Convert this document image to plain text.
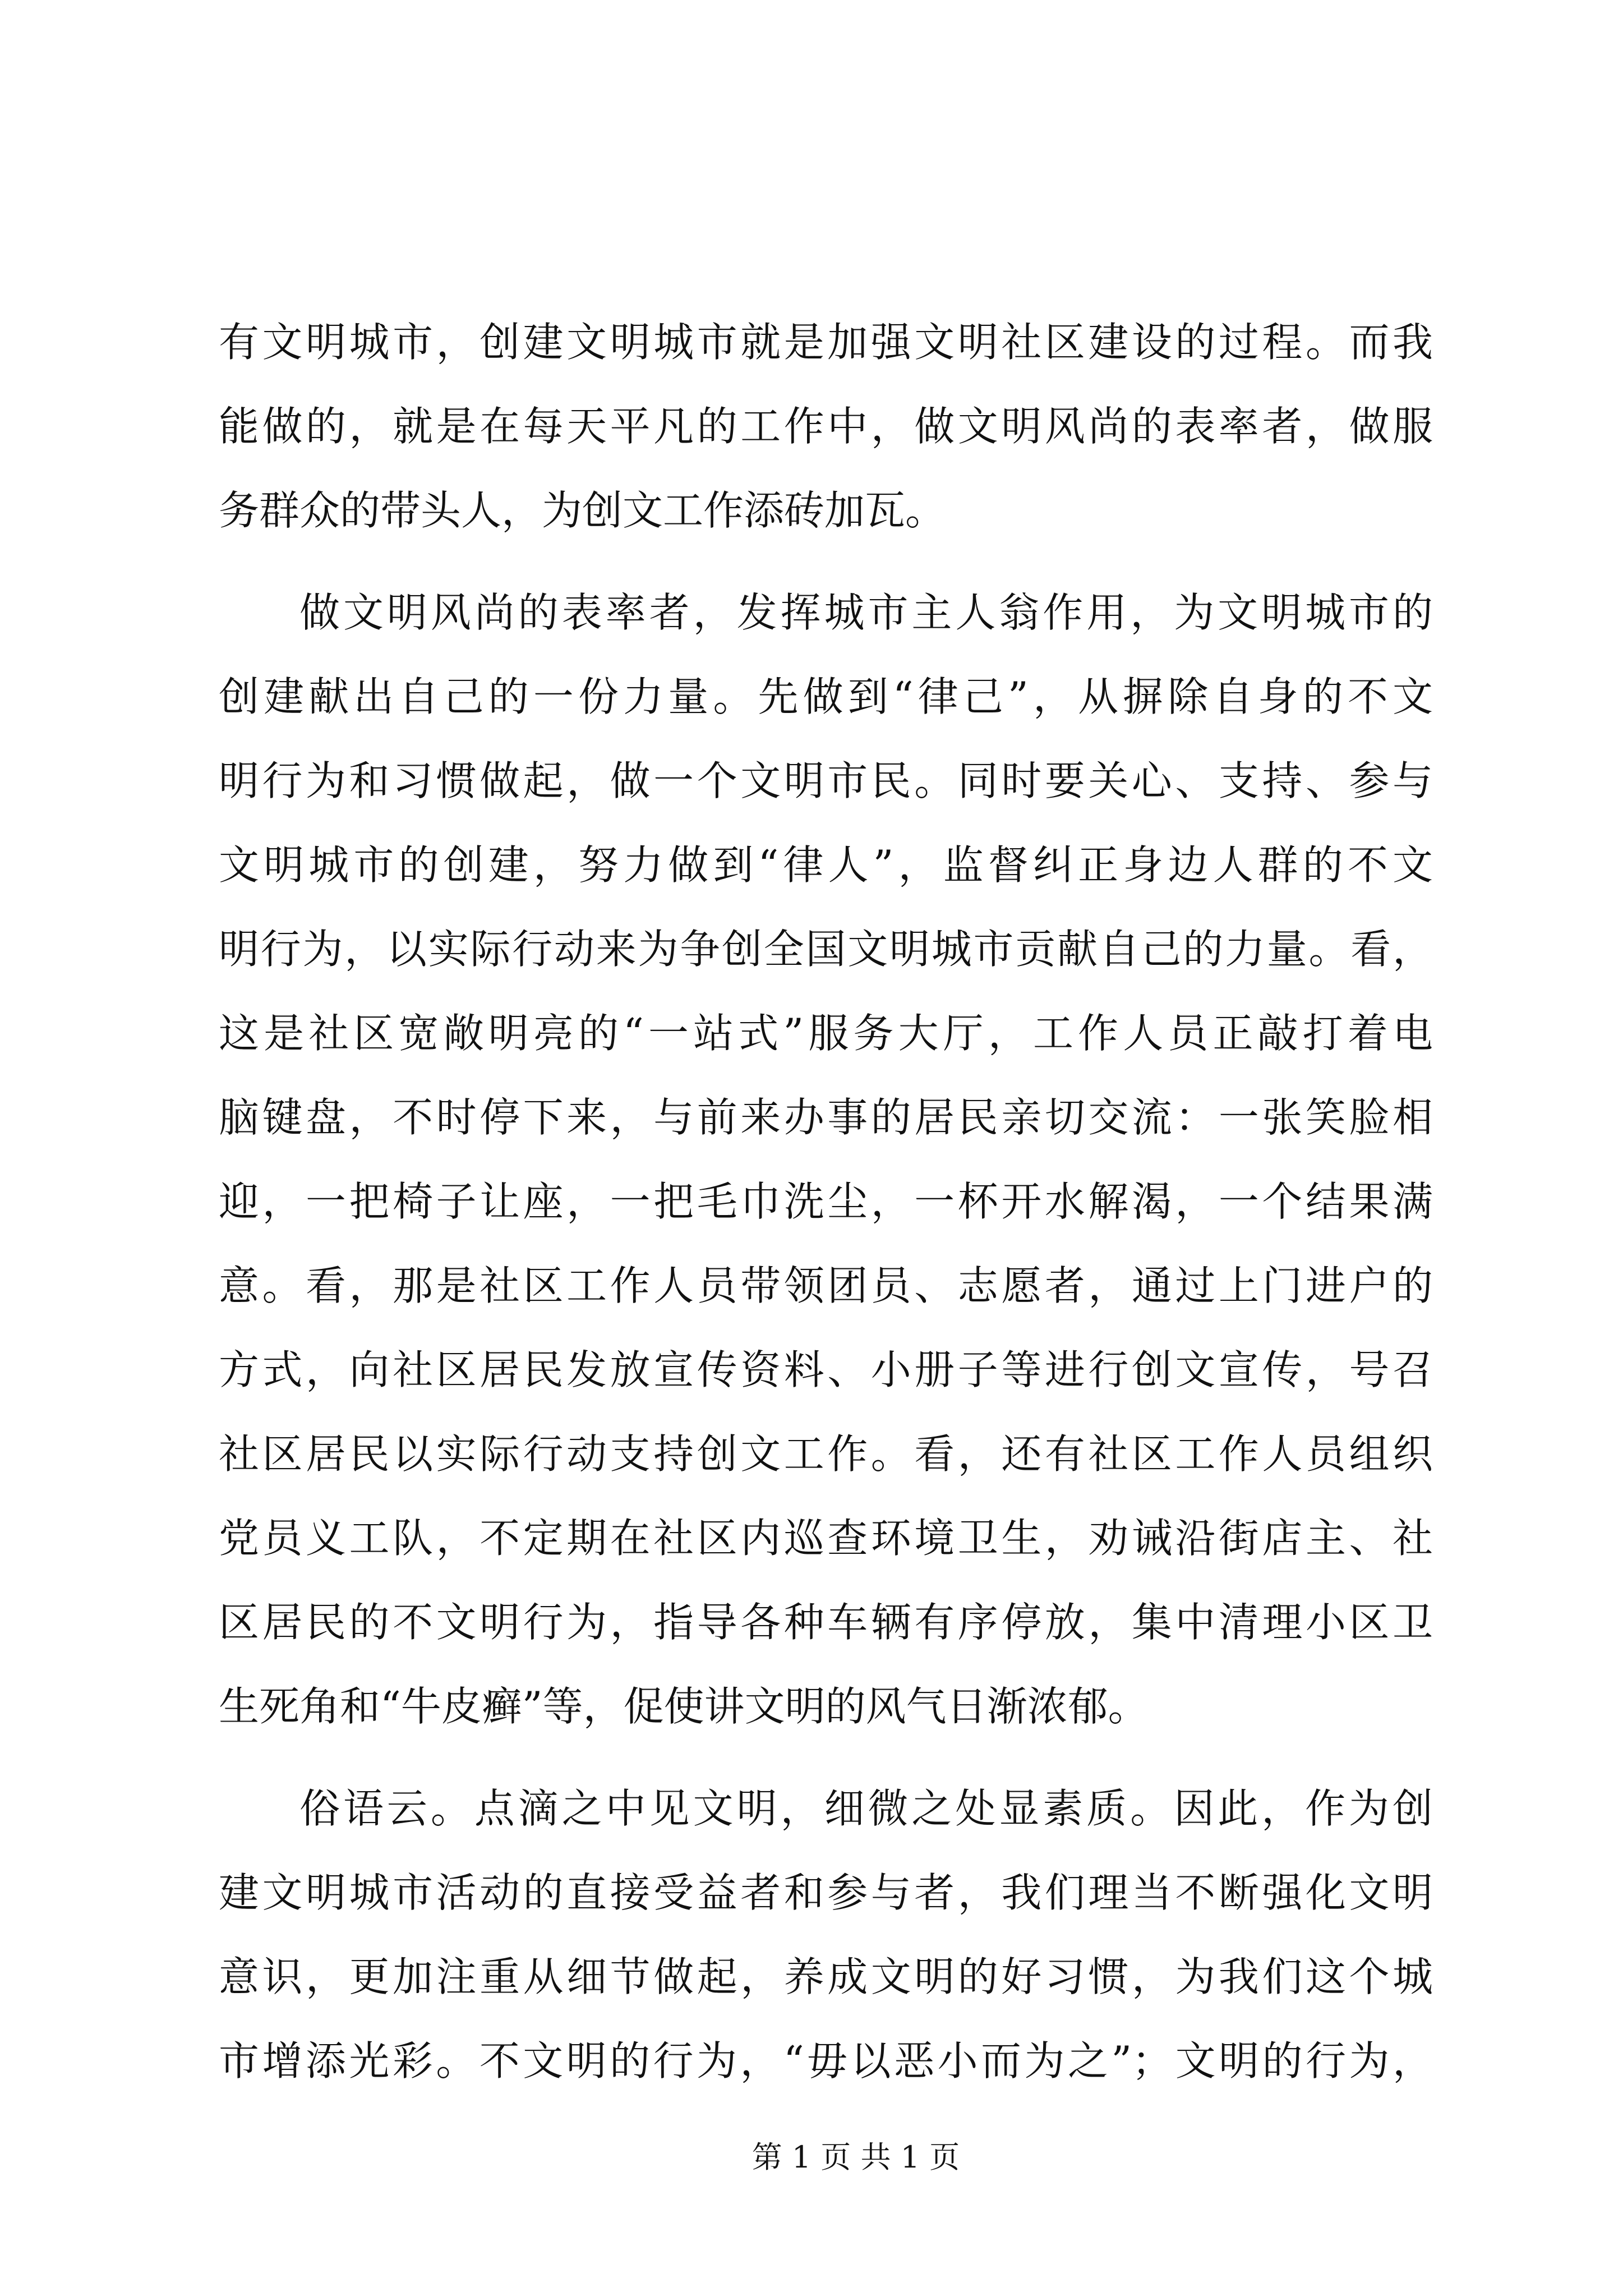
有文明城市，创建文明城市就是加强文明社区建设的过程。而我
能做的，就是在每天平凡的工作中，做文明风尚的表率者，做服
务群众的带头人，为创文工作添砖加瓦。
做文明风尚的表率者，发挥城市主人翁作用，为文明城市的
创建献出自己的一份力量。先做到“律己”，从摒除自身的不文
明行为和习惯做起，做一个文明市民。同时要关心、支持、参与
文明城市的创建，努力做到“律人”，监督纠正身边人群的不文
明行为，以实际行动来为争创全国文明城市贡献自己的力量。看，
这是社区宽敞明亮的“一站式”服务大厅，工作人员正敲打着电
脑键盘，不时停下来，与前来办事的居民亲切交流：一张笑脸相
迎，一把椅子让座，一把毛巾洗尘，一杯开水解渴，一个结果满
意。看，那是社区工作人员带领团员、志愿者，通过上门进户的
方式，向社区居民发放宣传资料、小册子等进行创文宣传，号召
社区居民以实际行动支持创文工作。看，还有社区工作人员组织
党员义工队，不定期在社区内巡查环境卫生，劝诫沿街店主、社
区居民的不文明行为，指导各种车辆有序停放，集中清理小区卫
生死角和“牛皮癣”等，促使讲文明的风气日渐浓郁。
俗语云。点滴之中见文明，细微之处显素质。因此，作为创
建文明城市活动的直接受益者和参与者，我们理当不断强化文明
意识，更加注重从细节做起，养成文明的好习惯，为我们这个城
市增添光彩。不文明的行为，“毋以恶小而为之”；文明的行为，
第 1 页 共 1 页
